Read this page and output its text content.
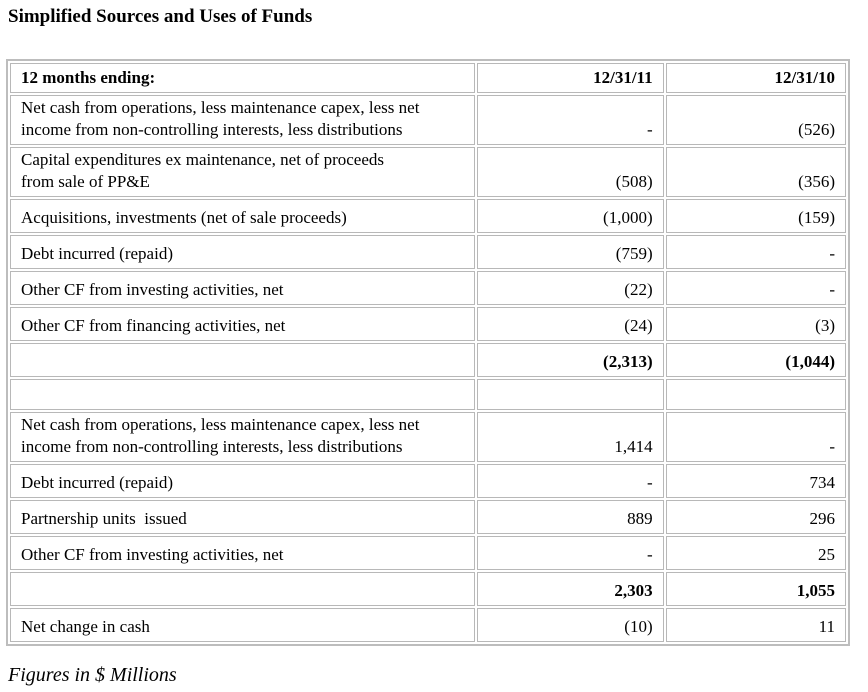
Simplified Sources and Uses of Funds
12 months ending:	12/31/11	12/31/10
Net cash from operations, less maintenance capex, less net
income from non-controlling interests, less distributions	-	(526)
Capital expenditures ex maintenance, net of proceeds
from sale of PP&E	(508)	(356)
Acquisitions, investments (net of sale proceeds)	(1,000)	(159)
Debt incurred (repaid)	(759)	-
Other CF from investing activities, net	(22)	-
Other CF from financing activities, net	(24)	(3)
	(2,313)	(1,044)

Net cash from operations, less maintenance capex, less net
income from non-controlling interests, less distributions	1,414	-
Debt incurred (repaid)	-	734
Partnership units  issued	889	296
Other CF from investing activities, net	-	25
	2,303	1,055
Net change in cash	(10)	11
Figures in $ Millions
